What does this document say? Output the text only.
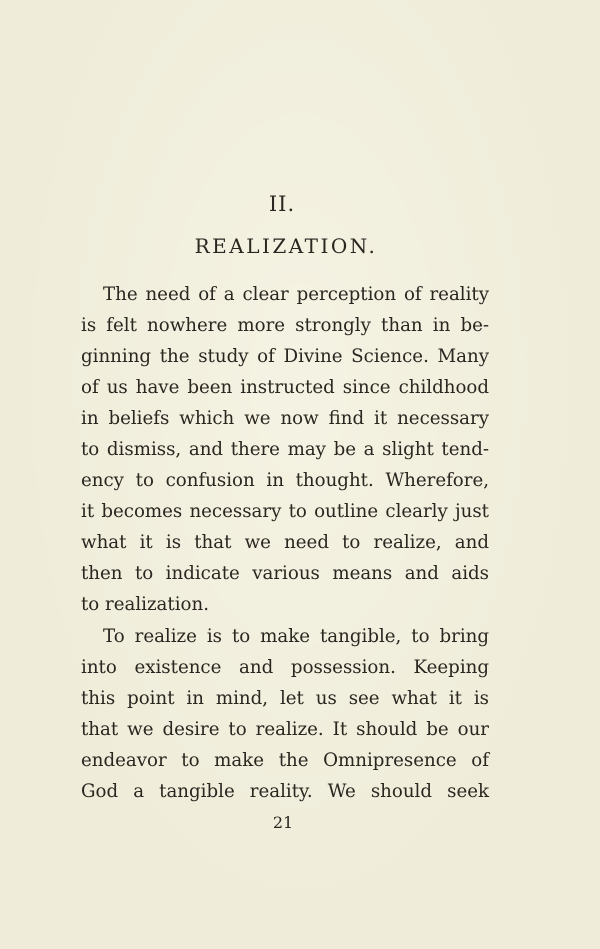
II.
REALIZATION.
The need of a clear perception of reality
is felt nowhere more strongly than in be-
ginning the study of Divine Science. Many
of us have been instructed since childhood
in beliefs which we now find it necessary
to dismiss, and there may be a slight tend-
ency to confusion in thought. Wherefore,
it becomes necessary to outline clearly just
what it is that we need to realize, and
then to indicate various means and aids
to realization.
To realize is to make tangible, to bring
into existence and possession. Keeping
this point in mind, let us see what it is
that we desire to realize. It should be our
endeavor to make the Omnipresence of
God a tangible reality. We should seek
21
